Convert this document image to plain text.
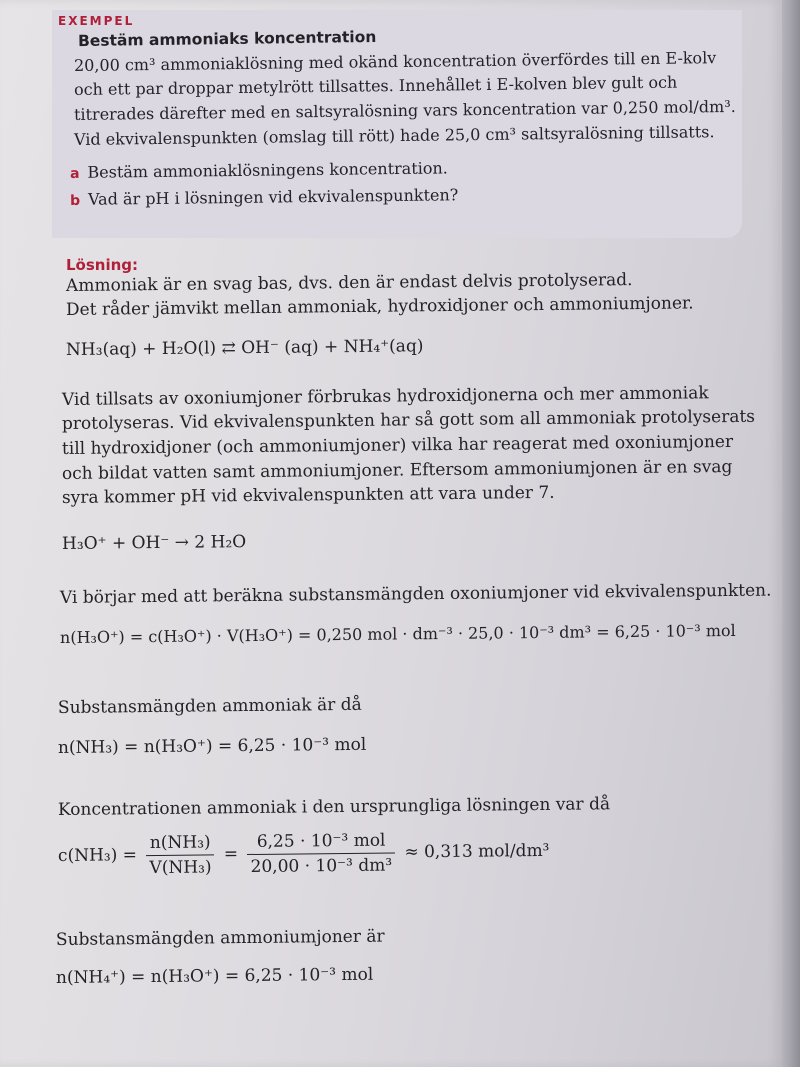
EXEMPEL
Bestäm ammoniaks koncentration
20,00 cm³ ammoniaklösning med okänd koncentration överfördes till en E-kolv
och ett par droppar metylrött tillsattes. Innehållet i E-kolven blev gult och
titrerades därefter med en saltsyralösning vars koncentration var 0,250 mol/dm³.
Vid ekvivalenspunkten (omslag till rött) hade 25,0 cm³ saltsyralösning tillsatts.
a Bestäm ammoniaklösningens koncentration.
b Vad är pH i lösningen vid ekvivalenspunkten?
Lösning:
Ammoniak är en svag bas, dvs. den är endast delvis protolyserad.
Det råder jämvikt mellan ammoniak, hydroxidjoner och ammoniumjoner.
NH₃(aq) + H₂O(l) ⇄ OH⁻ (aq) + NH₄⁺(aq)
Vid tillsats av oxoniumjoner förbrukas hydroxidjonerna och mer ammoniak
protolyseras. Vid ekvivalenspunkten har så gott som all ammoniak protolyserats
till hydroxidjoner (och ammoniumjoner) vilka har reagerat med oxoniumjoner
och bildat vatten samt ammoniumjoner. Eftersom ammoniumjonen är en svag
syra kommer pH vid ekvivalenspunkten att vara under 7.
H₃O⁺ + OH⁻ → 2 H₂O
Vi börjar med att beräkna substansmängden oxoniumjoner vid ekvivalenspunkten.
n(H₃O⁺) = c(H₃O⁺) · V(H₃O⁺) = 0,250 mol · dm⁻³ · 25,0 · 10⁻³ dm³ = 6,25 · 10⁻³ mol
Substansmängden ammoniak är då
n(NH₃) = n(H₃O⁺) = 6,25 · 10⁻³ mol
Koncentrationen ammoniak i den ursprungliga lösningen var då
$c(NH_3) = \frac{\text{n(NH₃)}}{\text{V(NH₃)}} = \frac{\text{6,25 · 10⁻³ mol}}{\text{20,00 · 10⁻³ dm³}} \approx 0,313$ mol/dm³
Substansmängden ammoniumjoner är
n(NH₄⁺) = n(H₃O⁺) = 6,25 · 10⁻³ mol
